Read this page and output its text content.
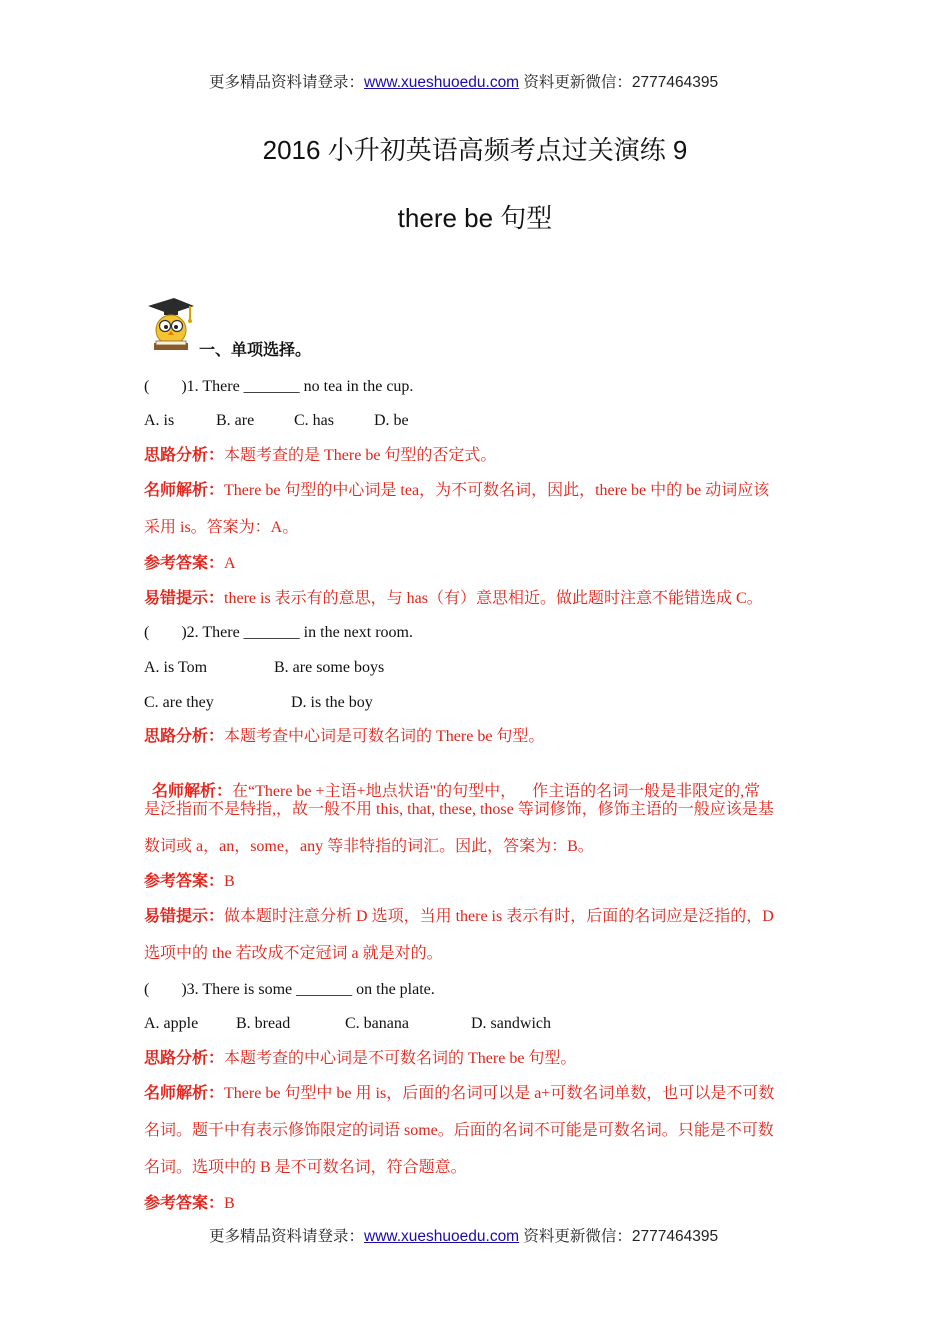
更多精品资料请登录：www.xueshuoedu.com 资料更新微信：2777464395
2016 小升初英语高频考点过关演练 9
there be 句型
一、单项选择。
(        )1. There _______ no tea in the cup.
A. is	B. are C. has	D. be
思路分析：本题考查的是 There be 句型的否定式。
名师解析：There be 句型的中心词是 tea，为不可数名词，因此，there be 中的 be 动词应该
采用 is。答案为：A。
参考答案：A
易错提示：there is 表示有的意思，与 has（有）意思相近。做此题时注意不能错选成 C。
(        )2. There _______ in the next room.
A. is Tom	B. are some boys
C. are they	D. is the boy
思路分析：本题考查中心词是可数名词的 There be 句型。

名师解析：在“There be +主语+地点状语"的句型中，    作主语的名词一般是非限定的,常

是泛指而不是特指,，故一般不用 this, that, these, those 等词修饰，修饰主语的一般应该是基
数词或 a，an，some，any 等非特指的词汇。因此，答案为：B。
参考答案：B
易错提示：做本题时注意分析 D 选项，当用 there is 表示有时，后面的名词应是泛指的，D
选项中的 the 若改成不定冠词 a 就是对的。
(        )3. There is some _______ on the plate.
A. apple B. bread	C. banana	D. sandwich
思路分析：本题考查的中心词是不可数名词的 There be 句型。
名师解析：There be 句型中 be 用 is，后面的名词可以是 a+可数名词单数，也可以是不可数
名词。题干中有表示修饰限定的词语 some。后面的名词不可能是可数名词。只能是不可数
名词。选项中的 B 是不可数名词，符合题意。
参考答案：B
更多精品资料请登录：www.xueshuoedu.com 资料更新微信：2777464395
